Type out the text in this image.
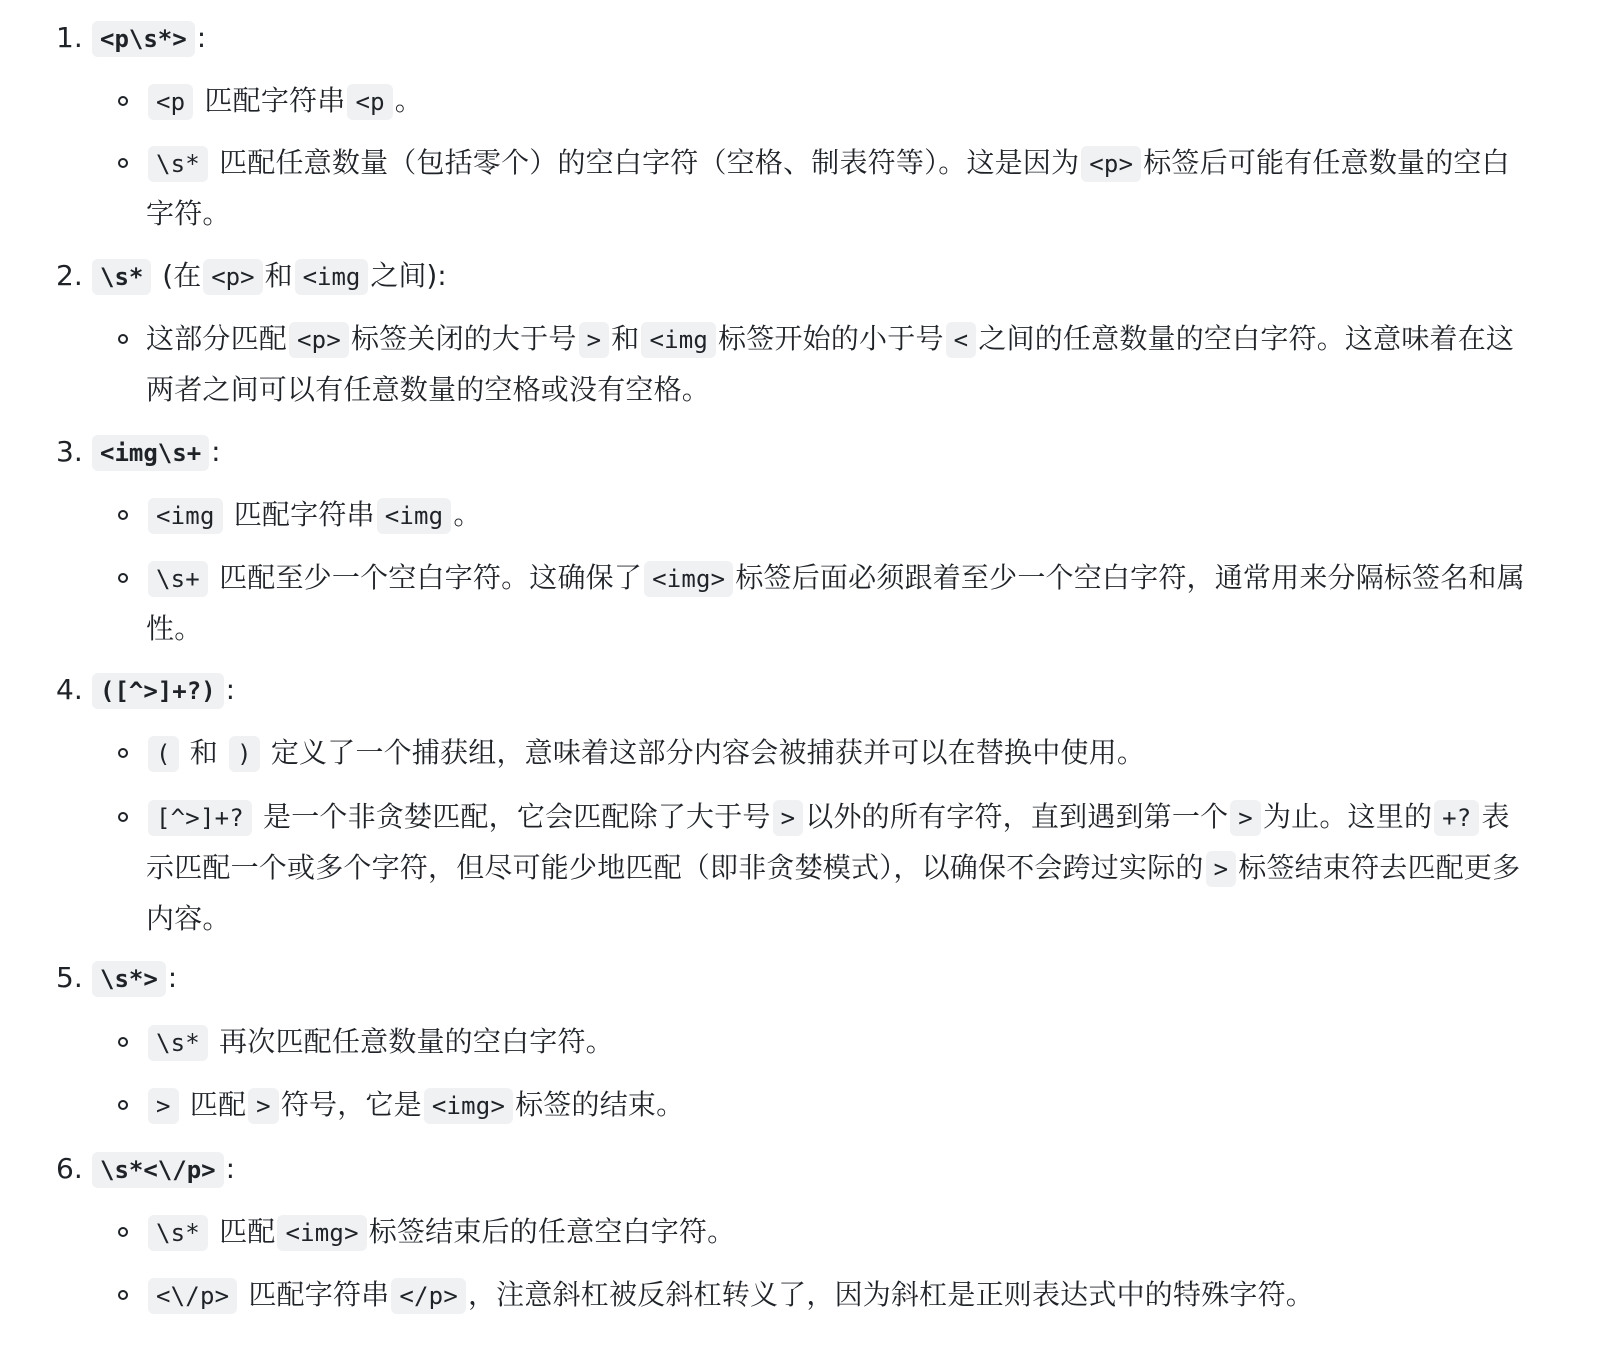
1. <p\s*> :
<p 匹配字符串 <p 。
\s* 匹配任意数量（包括零个）的空白字符（空格、制表符等）。这是因为 <p> 标签后可能有任意数量的空白字符。
2. \s* (在 <p> 和 <img 之间):
这部分匹配 <p> 标签关闭的大于号 > 和 <img 标签开始的小于号 < 之间的任意数量的空白字符。这意味着在这两者之间可以有任意数量的空格或没有空格。
3. <img\s+ :
<img 匹配字符串 <img 。
\s+ 匹配至少一个空白字符。这确保了 <img> 标签后面必须跟着至少一个空白字符，通常用来分隔标签名和属性。
4. ([^>]+?) :
( 和 ) 定义了一个捕获组，意味着这部分内容会被捕获并可以在替换中使用。
[^>]+? 是一个非贪婪匹配，它会匹配除了大于号 > 以外的所有字符，直到遇到第一个 > 为止。这里的 +? 表示匹配一个或多个字符，但尽可能少地匹配（即非贪婪模式），以确保不会跨过实际的 > 标签结束符去匹配更多内容。
5. \s*> :
\s* 再次匹配任意数量的空白字符。
> 匹配 > 符号，它是 <img> 标签的结束。
6. \s*<\/p> :
\s* 匹配 <img> 标签结束后的任意空白字符。
<\/p> 匹配字符串 </p> ，注意斜杠被反斜杠转义了，因为斜杠是正则表达式中的特殊字符。
